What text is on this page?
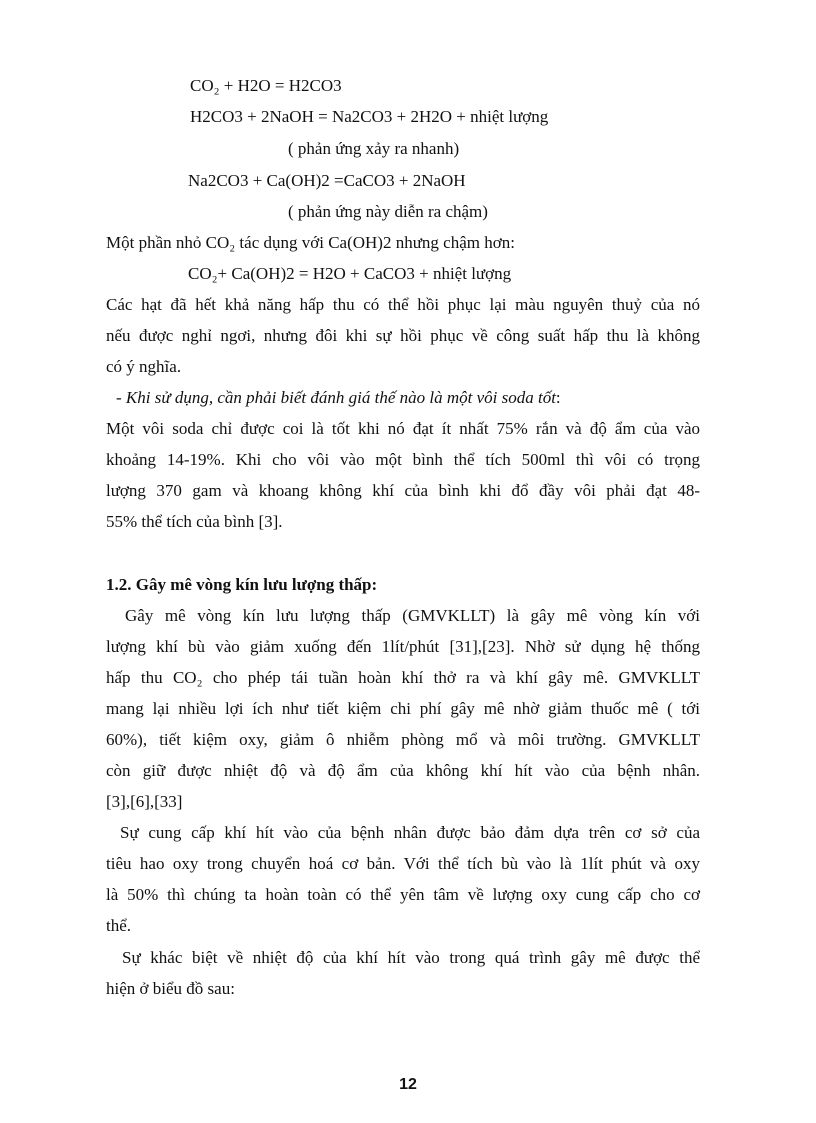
CO₂ + H2O = H2CO3
H2CO3 + 2NaOH = Na2CO3 + 2H2O + nhiệt lượng
( phản ứng xảy ra nhanh)
Na2CO3 + Ca(OH)2 =CaCO3 + 2NaOH
( phản ứng này diễn ra chậm)
Một phần nhỏ CO₂ tác dụng với Ca(OH)2 nhưng chậm hơn:
CO₂+ Ca(OH)2 = H2O + CaCO3 + nhiệt lượng
Các hạt đã hết khả năng hấp thu có thể hồi phục lại màu nguyên thuỷ của nó
nếu được nghỉ ngơi, nhưng đôi khi sự hồi phục về công suất hấp thu là không
có ý nghĩa.
- Khi sử dụng, cần phải biết đánh giá thế nào là một vôi soda tốt:
Một vôi soda chỉ được coi là tốt khi nó đạt ít nhất 75% rắn và độ ẩm của vào
khoảng 14-19%. Khi cho vôi vào một bình thể tích 500ml thì vôi có trọng
lượng 370 gam và khoang không khí của bình khi đổ đầy vôi phải đạt 48-
55% thể tích của bình [3].
1.2. Gây mê vòng kín lưu lượng thấp:
Gây mê vòng kín lưu lượng thấp (GMVKLLT) là gây mê vòng kín với
lượng khí bù vào giảm xuống đến 1lít/phút [31],[23]. Nhờ sử dụng hệ thống
hấp thu CO₂ cho phép tái tuần hoàn khí thở ra và khí gây mê. GMVKLLT
mang lại nhiều lợi ích như tiết kiệm chi phí gây mê nhờ giảm thuốc mê ( tới
60%), tiết kiệm oxy, giảm ô nhiễm phòng mổ và môi trường. GMVKLLT
còn giữ được nhiệt độ và độ ẩm của không khí hít vào của bệnh nhân.
[3],[6],[33]
Sự cung cấp khí hít vào của bệnh nhân được bảo đảm dựa trên cơ sở của
tiêu hao oxy trong chuyển hoá cơ bản. Với thể tích bù vào là 1lít phút và oxy
là 50% thì chúng ta hoàn toàn có thể yên tâm về lượng oxy cung cấp cho cơ
thể.
Sự khác biệt về nhiệt độ của khí hít vào trong quá trình gây mê được thể
hiện ở biểu đồ sau:
12
